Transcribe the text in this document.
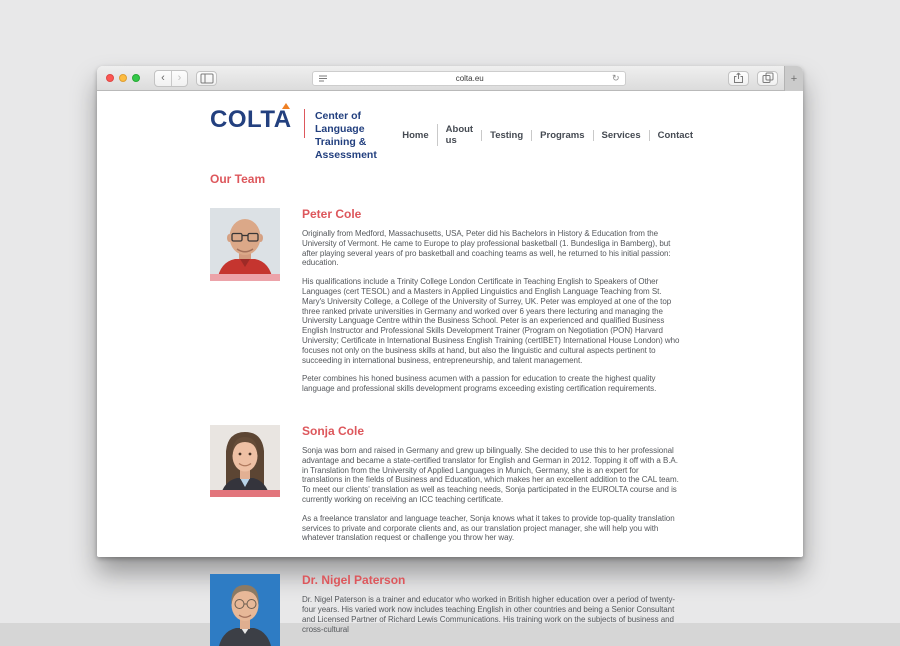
‹	›	colta.eu	↻	+
COLTA Center of Language
Training & Assessment
Home	About us	Testing	Programs	Services	Contact
Our Team
Peter Cole

Originally from Medford, Massachusetts, USA, Peter did his Bachelors in History & Education from the University of Vermont. He came to Europe to play professional basketball (1. Bundesliga in Bamberg), but after playing several years of pro basketball and coaching teams as well, he returned to his initial passion: education.

His qualifications include a Trinity College London Certificate in Teaching English to Speakers of Other Languages (cert TESOL) and a Masters in Applied Linguistics and English Language Teaching from St. Mary's University College, a College of the University of Surrey, UK. Peter was employed at one of the top three ranked private universities in Germany and worked over 6 years there lecturing and managing the University Language Centre within the Business School. Peter is an experienced and qualified Business English Instructor and Professional Skills Development Trainer (Program on Negotiation (PON) Harvard University; Certificate in International Business English Training (certIBET) International House London) who focuses not only on the business skills at hand, but also the linguistic and cultural aspects pertinent to succeeding in international business, entrepreneurship, and talent management.

Peter combines his honed business acumen with a passion for education to create the highest quality language and professional skills development programs exceeding existing certification requirements.

Sonja Cole

Sonja was born and raised in Germany and grew up bilingually. She decided to use this to her professional advantage and became a state-certified translator for English and German in 2012. Topping it off with a B.A. in Translation from the University of Applied Languages in Munich, Germany, she is an expert for translations in the fields of Business and Education, which makes her an excellent addition to the CAL team. To meet our clients' translation as well as teaching needs, Sonja participated in the EUROLTA course and is currently working on receiving an ICC teaching certificate.

As a freelance translator and language teacher, Sonja knows what it takes to provide top-quality translation services to private and corporate clients and, as our translation project manager, she will help you with whatever translation request or challenge you throw her way.

Dr. Nigel Paterson

Dr. Nigel Paterson is a trainer and educator who worked in British higher education over a period of twenty-four years. His varied work now includes teaching English in other countries and being a Senior Consultant and Licensed Partner of Richard Lewis Communications. His training work on the subjects of business and cross-cultural
